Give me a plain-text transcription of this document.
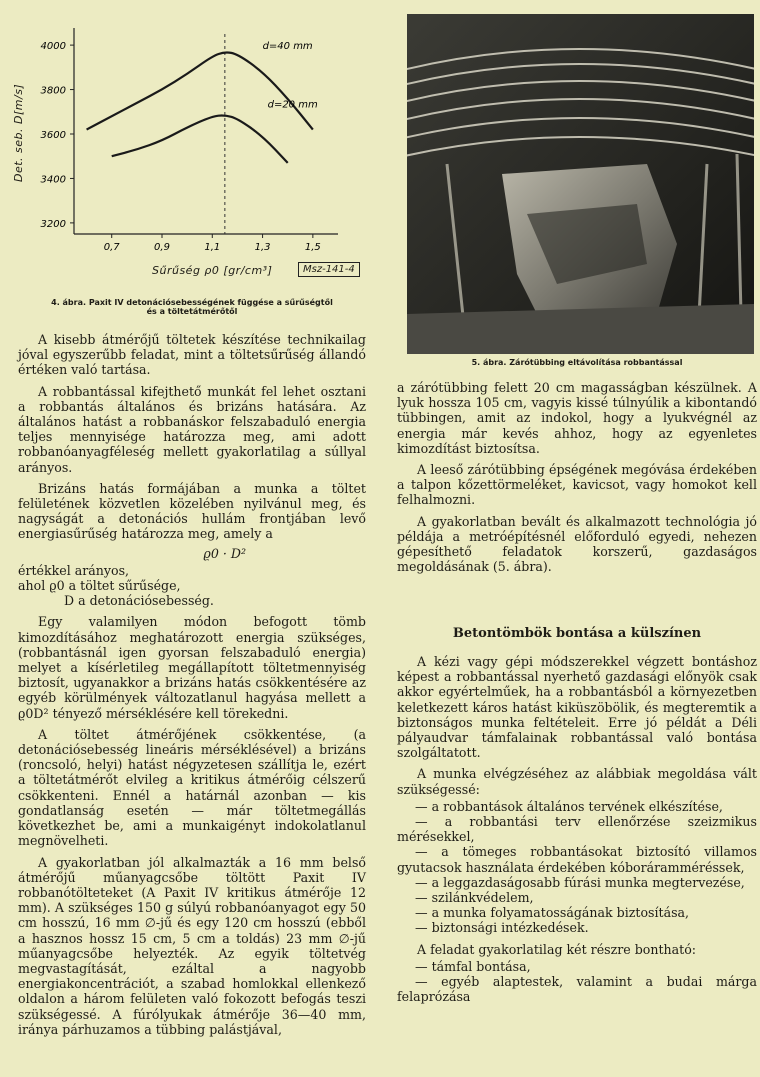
3200
3400
3600
3800
4000
0,7	0,9	1,1	1,3	1,5
d=40 mm
d=20 mm
Det. seb. D[m/s]
Sűrűség ρ0 [gr/cm³]	Msz-141-4
4. ábra. Paxit IV detonációsebességének függése a sűrűségtől
és a töltetátmérőtől

A kisebb átmérőjű töltetek készítése technikailag jóval egyszerűbb feladat, mint a töltetsűrűség állandó értéken való tartása.

A robbantással kifejthető munkát fel lehet osztani a robbantás általános és brizáns hatására. Az általános hatást a robbanáskor felszabaduló energia teljes mennyisége határozza meg, ami adott robbanóanyagféleség mellett gyakorlatilag a súllyal arányos.

Brizáns hatás formájában a munka a töltet felületének közvetlen közelében nyilvánul meg, és nagyságát a detonációs hullám frontjában levő energiasűrűség határozza meg, amely a

ϱ0 · D²
értékkel arányos,
ahol ϱ0 a töltet sűrűsége,
D a detonációsebesség.

Egy valamilyen módon befogott tömb kimozdításához meghatározott energia szükséges, (robbantásnál igen gyorsan felszabaduló energia) melyet a kísérletileg megállapított töltetmennyiség biztosít, ugyanakkor a brizáns hatás csökkentésére az egyéb körülmények változatlanul hagyása mellett a ϱ0D² tényező mérséklésére kell törekedni.

A töltet átmérőjének csökkentése, (a detonációsebesség lineáris mérséklésével) a brizáns (roncsoló, helyi) hatást négyzetesen szállítja le, ezért a töltetátmérőt elvileg a kritikus átmérőig célszerű csökkenteni. Ennél a határnál azonban — kis gondatlanság esetén — már töltetmegállás következhet be, ami a munkaigényt indokolatlanul megnövelheti.

A gyakorlatban jól alkalmazták a 16 mm belső átmérőjű műanyagcsőbe töltött Paxit IV robbanótölteteket (A Paxit IV kritikus átmérője 12 mm). A szükséges 150 g súlyú robbanóanyagot egy 50 cm hosszú, 16 mm ∅-jű és egy 120 cm hosszú (ebből a hasznos hossz 15 cm, 5 cm a toldás) 23 mm ∅-jű műanyagcsőbe helyezték. Az egyik töltetvég megvastagítását, ezáltal a nagyobb energiakoncentrációt, a szabad homlokkal ellenkező oldalon a három felületen való fokozott befogás teszi szükségessé. A fúrólyukak átmérője 36—40 mm, iránya párhuzamos a tübbing palástjával,

5. ábra. Zárótübbing eltávolítása robbantással

a zárótübbing felett 20 cm magasságban készülnek. A lyuk hossza 105 cm, vagyis kissé túlnyúlik a kibontandó tübbingen, amit az indokol, hogy a lyukvégnél az energia már kevés ahhoz, hogy az egyenletes kimozdítást biztosítsa.

A leeső zárótübbing épségének megóvása érdekében a talpon kőzettörmeléket, kavicsot, vagy homokot kell felhalmozni.

A gyakorlatban bevált és alkalmazott technológia jó példája a metróépítésnél előforduló egyedi, nehezen gépesíthető feladatok korszerű, gazdaságos megoldásának (5. ábra).

Betontömbök bontása a külszínen

A kézi vagy gépi módszerekkel végzett bontáshoz képest a robbantással nyerhető gazdasági előnyök csak akkor egyértelműek, ha a robbantásból a környezetben keletkezett káros hatást kiküszöbölik, és megteremtik a biztonságos munka feltételeit. Erre jó példát a Déli pályaudvar támfalainak robbantással való bontása szolgáltatott.

A munka elvégzéséhez az alábbiak megoldása vált szükségessé:

— a robbantások általános tervének elkészítése,

— a robbantási terv ellenőrzése szeizmikus mérésekkel,

— a tömeges robbantásokat biztosító villamos gyutacsok használata érdekében kóboráramméréssek,

— a leggazdaságosabb fúrási munka megtervezése,

— szilánkvédelem,

— a munka folyamatosságának biztosítása,

— biztonsági intézkedések.

A feladat gyakorlatilag két részre bontható:

— támfal bontása,

— egyéb alaptestek, valamint a budai márga felaprózása
